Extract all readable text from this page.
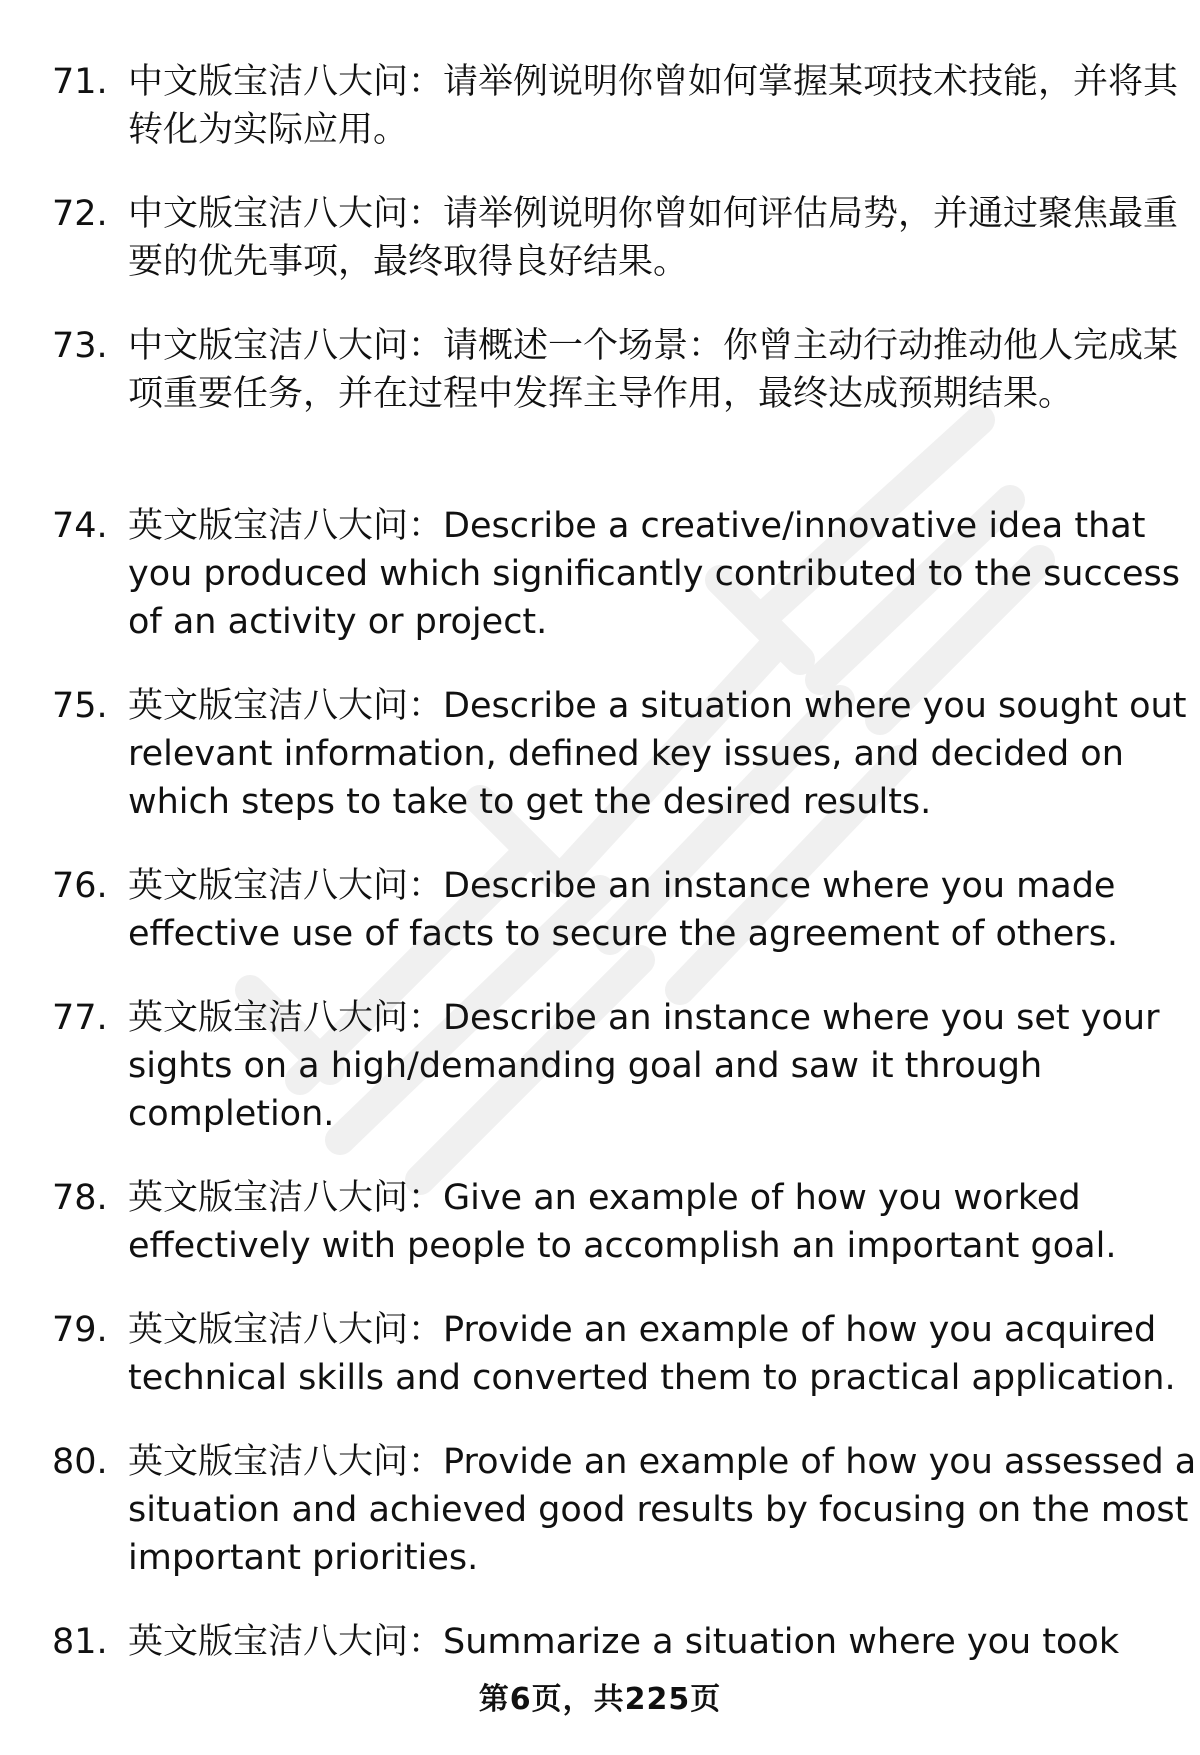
71. 中文版宝洁八大问：请举例说明你曾如何掌握某项技术技能，并将其转化为实际应用。
72. 中文版宝洁八大问：请举例说明你曾如何评估局势，并通过聚焦最重要的优先事项，最终取得良好结果。
73. 中文版宝洁八大问：请概述一个场景：你曾主动行动推动他人完成某项重要任务，并在过程中发挥主导作用，最终达成预期结果。
74. 英文版宝洁八大问：Describe a creative/innovative idea that you produced which significantly contributed to the success of an activity or project.
75. 英文版宝洁八大问：Describe a situation where you sought out relevant information, defined key issues, and decided on which steps to take to get the desired results.
76. 英文版宝洁八大问：Describe an instance where you made effective use of facts to secure the agreement of others.
77. 英文版宝洁八大问：Describe an instance where you set your sights on a high/demanding goal and saw it through completion.
78. 英文版宝洁八大问：Give an example of how you worked effectively with people to accomplish an important goal.
79. 英文版宝洁八大问：Provide an example of how you acquired technical skills and converted them to practical application.
80. 英文版宝洁八大问：Provide an example of how you assessed a situation and achieved good results by focusing on the most important priorities.
81. 英文版宝洁八大问：Summarize a situation where you took
第6页，共225页
